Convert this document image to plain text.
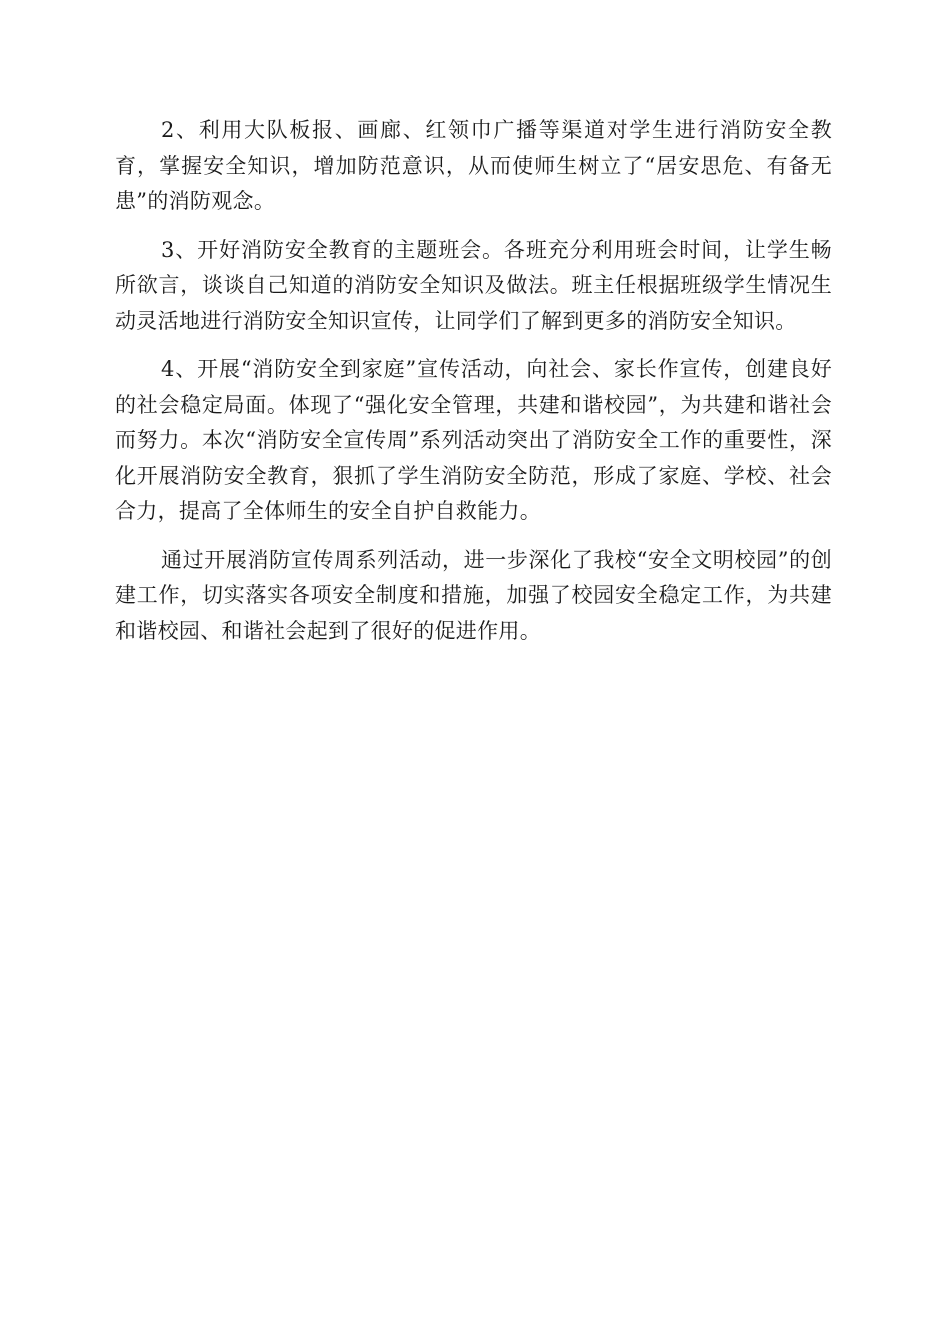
2、利用大队板报、画廊、红领巾广播等渠道对学生进行消防安全教育，掌握安全知识，增加防范意识，从而使师生树立了“居安思危、有备无患”的消防观念。

3、开好消防安全教育的主题班会。各班充分利用班会时间，让学生畅所欲言，谈谈自己知道的消防安全知识及做法。班主任根据班级学生情况生动灵活地进行消防安全知识宣传，让同学们了解到更多的消防安全知识。

4、开展“消防安全到家庭”宣传活动，向社会、家长作宣传，创建良好的社会稳定局面。体现了“强化安全管理，共建和谐校园”，为共建和谐社会而努力。本次“消防安全宣传周”系列活动突出了消防安全工作的重要性，深化开展消防安全教育，狠抓了学生消防安全防范，形成了家庭、学校、社会合力，提高了全体师生的安全自护自救能力。

通过开展消防宣传周系列活动，进一步深化了我校“安全文明校园”的创建工作，切实落实各项安全制度和措施，加强了校园安全稳定工作，为共建和谐校园、和谐社会起到了很好的促进作用。
